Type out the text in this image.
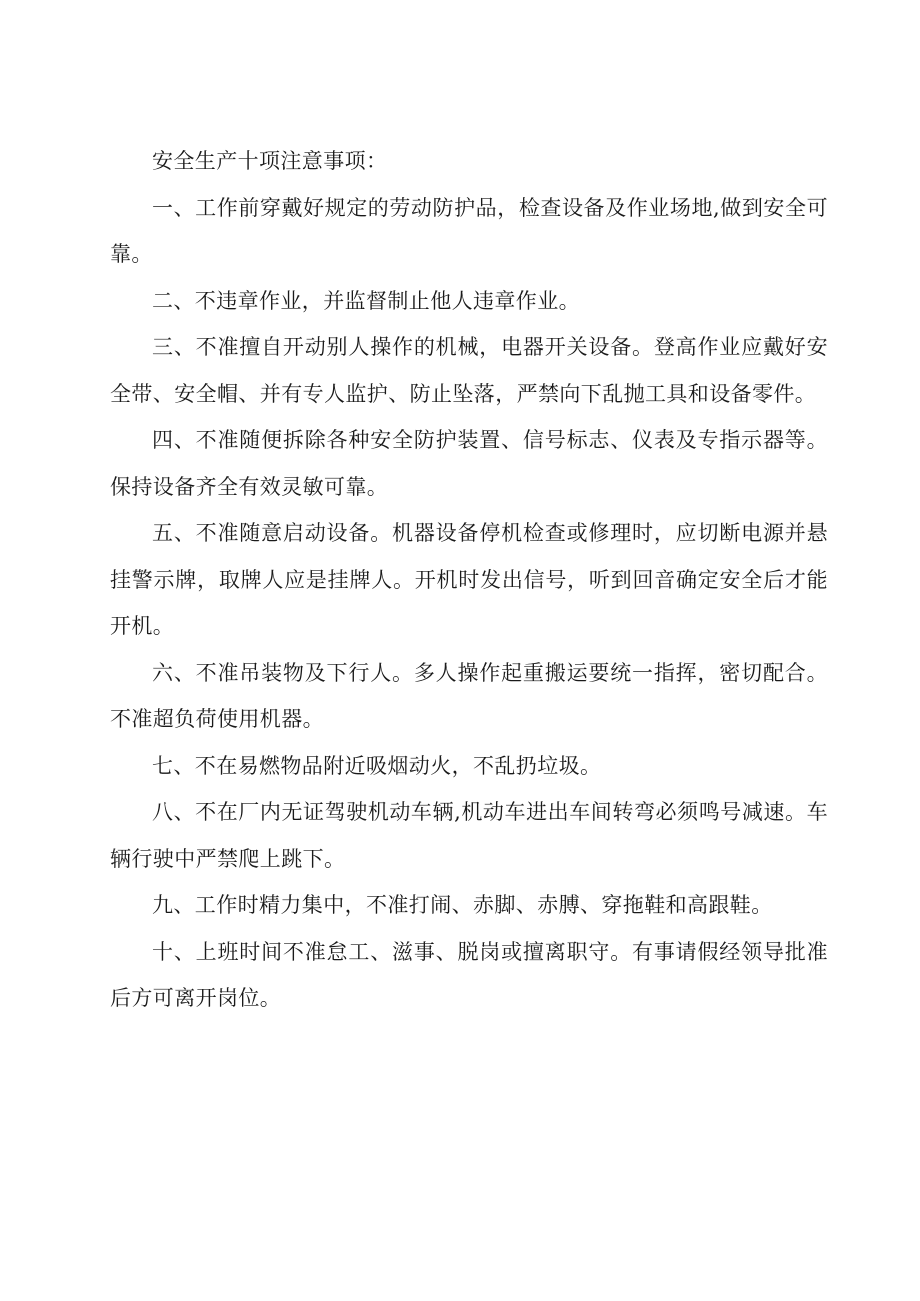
安全生产十项注意事项：

一、工作前穿戴好规定的劳动防护品，检查设备及作业场地,做到安全可靠。

二、不违章作业，并监督制止他人违章作业。

三、不准擅自开动别人操作的机械，电器开关设备。登高作业应戴好安全带、安全帽、并有专人监护、防止坠落，严禁向下乱抛工具和设备零件。

四、不准随便拆除各种安全防护装置、信号标志、仪表及专指示器等。保持设备齐全有效灵敏可靠。

五、不准随意启动设备。机器设备停机检查或修理时，应切断电源并悬挂警示牌，取牌人应是挂牌人。开机时发出信号，听到回音确定安全后才能开机。

六、不准吊装物及下行人。多人操作起重搬运要统一指挥，密切配合。不准超负荷使用机器。

七、不在易燃物品附近吸烟动火，不乱扔垃圾。

八、不在厂内无证驾驶机动车辆,机动车进出车间转弯必须鸣号减速。车辆行驶中严禁爬上跳下。

九、工作时精力集中，不准打闹、赤脚、赤膊、穿拖鞋和高跟鞋。

十、上班时间不准怠工、滋事、脱岗或擅离职守。有事请假经领导批准后方可离开岗位。
